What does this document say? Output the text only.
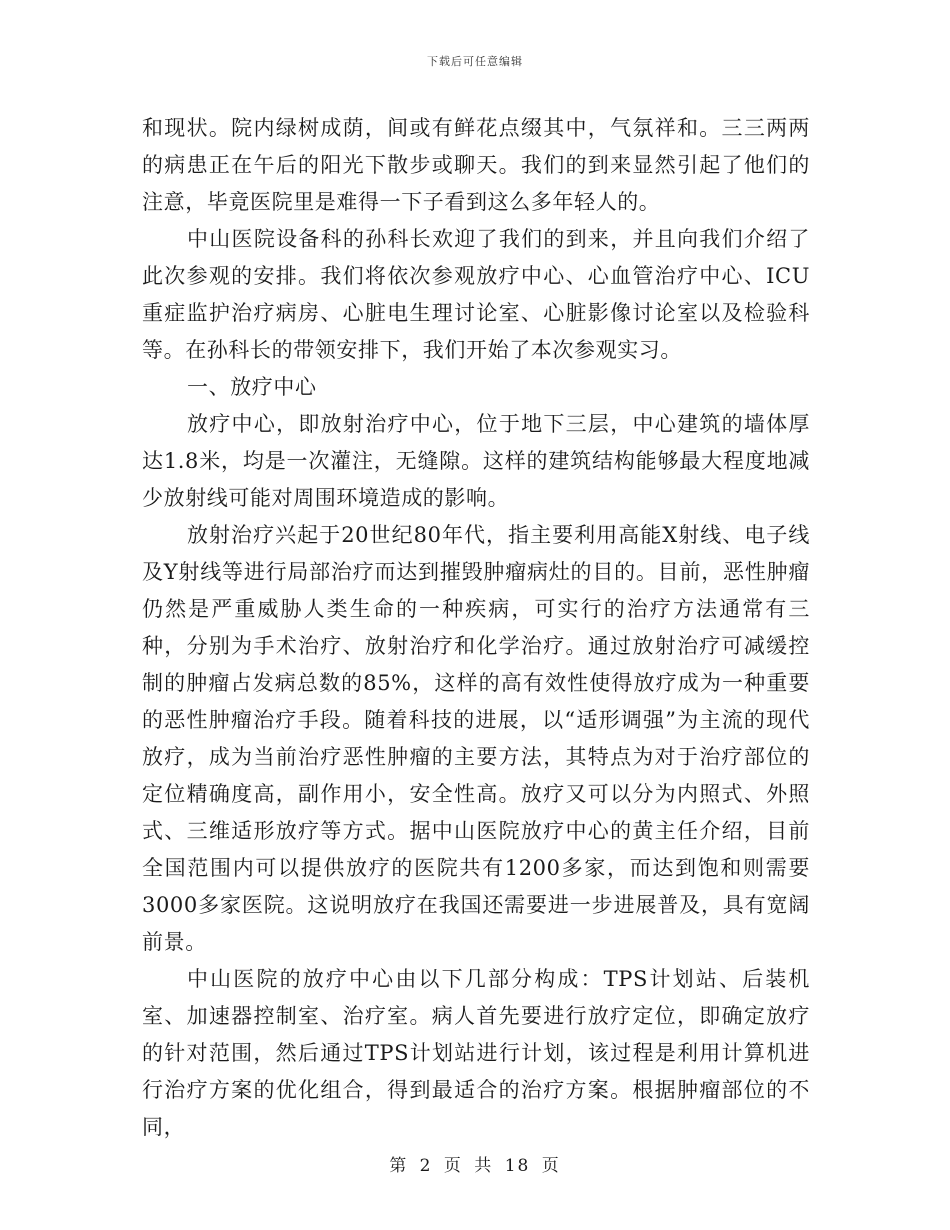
下载后可任意编辑

和现状。院内绿树成荫，间或有鲜花点缀其中，气氛祥和。三三两两的病患正在午后的阳光下散步或聊天。我们的到来显然引起了他们的注意，毕竟医院里是难得一下子看到这么多年轻人的。

中山医院设备科的孙科长欢迎了我们的到来，并且向我们介绍了此次参观的安排。我们将依次参观放疗中心、心血管治疗中心、ICU重症监护治疗病房、心脏电生理讨论室、心脏影像讨论室以及检验科等。在孙科长的带领安排下，我们开始了本次参观实习。

一、放疗中心

放疗中心，即放射治疗中心，位于地下三层，中心建筑的墙体厚达1.8米，均是一次灌注，无缝隙。这样的建筑结构能够最大程度地减少放射线可能对周围环境造成的影响。

放射治疗兴起于20世纪80年代，指主要利用高能X射线、电子线及Y射线等进行局部治疗而达到摧毁肿瘤病灶的目的。目前，恶性肿瘤仍然是严重威胁人类生命的一种疾病，可实行的治疗方法通常有三种，分别为手术治疗、放射治疗和化学治疗。通过放射治疗可减缓控制的肿瘤占发病总数的85%，这样的高有效性使得放疗成为一种重要的恶性肿瘤治疗手段。随着科技的进展，以“适形调强”为主流的现代放疗，成为当前治疗恶性肿瘤的主要方法，其特点为对于治疗部位的定位精确度高，副作用小，安全性高。放疗又可以分为内照式、外照式、三维适形放疗等方式。据中山医院放疗中心的黄主任介绍，目前全国范围内可以提供放疗的医院共有1200多家，而达到饱和则需要3000多家医院。这说明放疗在我国还需要进一步进展普及，具有宽阔前景。

中山医院的放疗中心由以下几部分构成：TPS计划站、后装机室、加速器控制室、治疗室。病人首先要进行放疗定位，即确定放疗的针对范围，然后通过TPS计划站进行计划，该过程是利用计算机进行治疗方案的优化组合，得到最适合的治疗方案。根据肿瘤部位的不同，

第 2 页 共 18 页
